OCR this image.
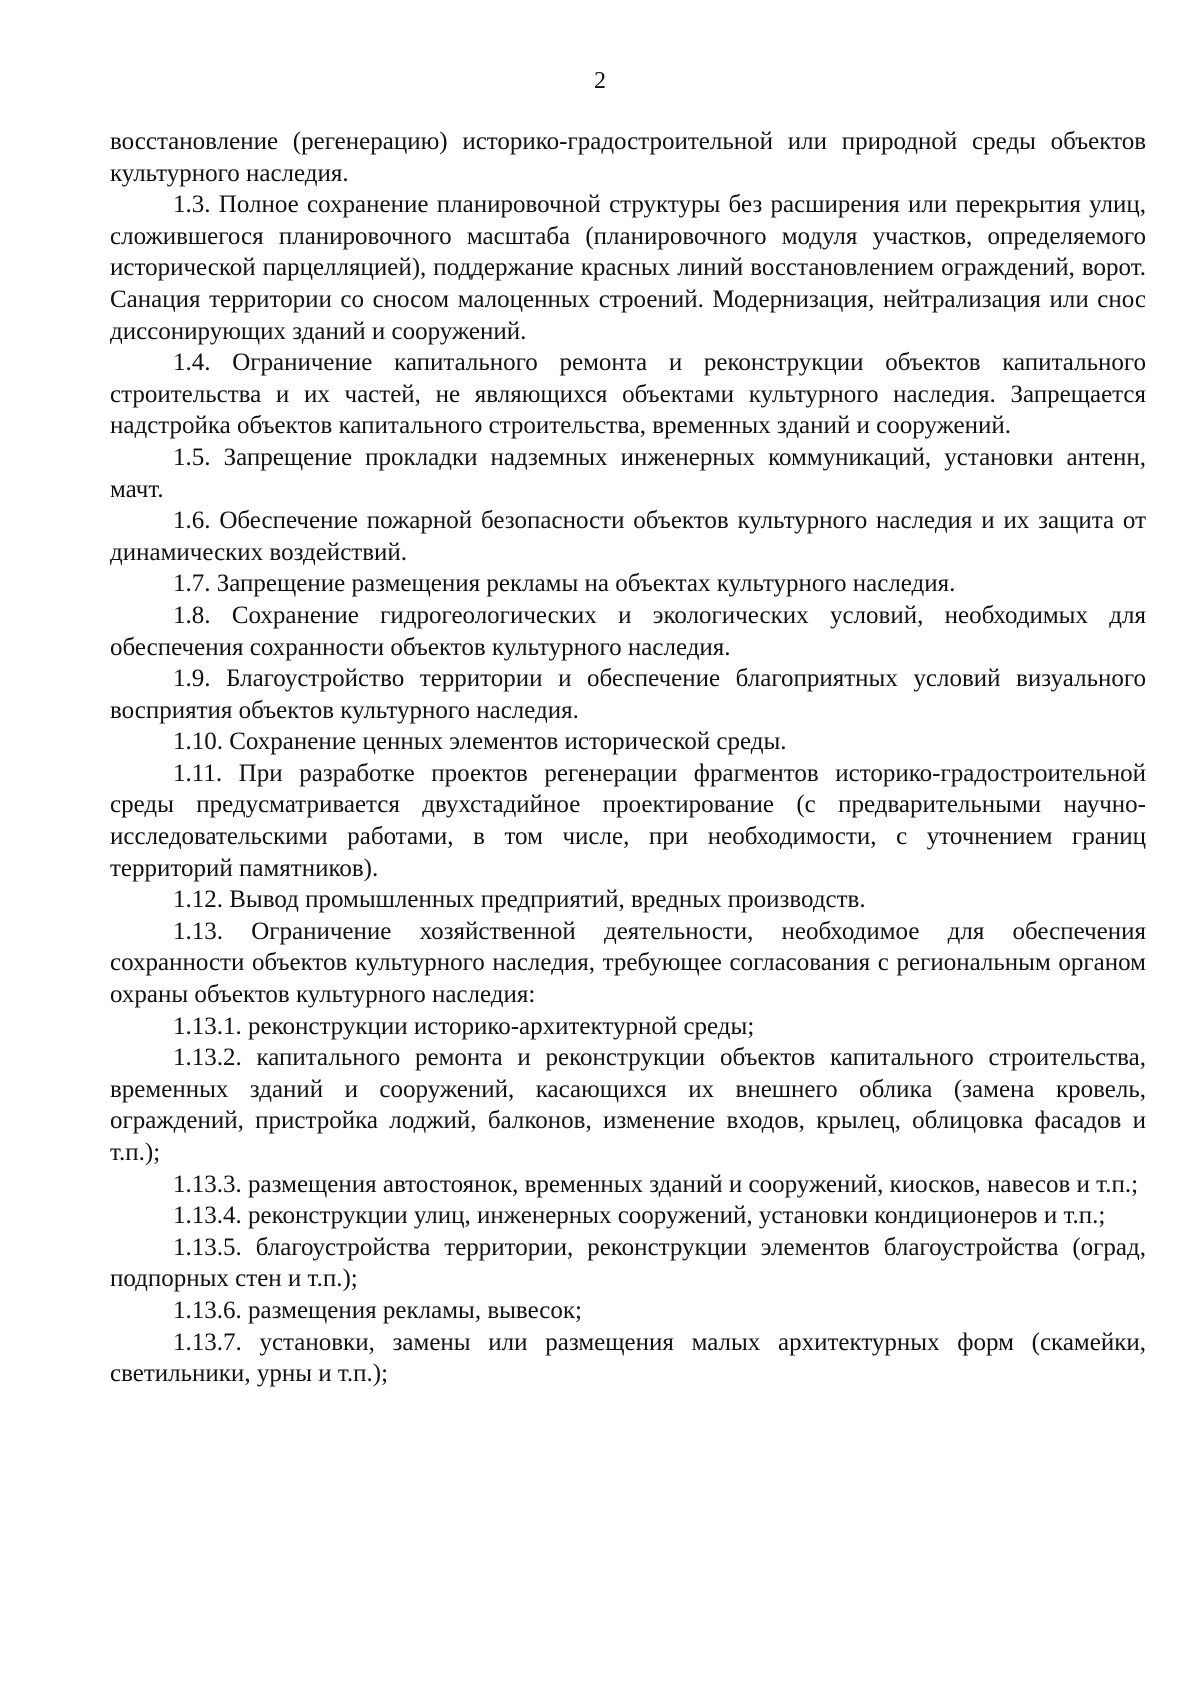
2

восстановление (регенерацию) историко-градостроительной или природной среды объектов культурного наследия.

1.3. Полное сохранение планировочной структуры без расширения или перекрытия улиц, сложившегося планировочного масштаба (планировочного модуля участков, определяемого исторической парцелляцией), поддержание красных линий восстановлением ограждений, ворот. Санация территории со сносом малоценных строений. Модернизация, нейтрализация или снос диссонирующих зданий и сооружений.

1.4. Ограничение капитального ремонта и реконструкции объектов капитального строительства и их частей, не являющихся объектами культурного наследия. Запрещается надстройка объектов капитального строительства, временных зданий и сооружений.

1.5. Запрещение прокладки надземных инженерных коммуникаций, установки антенн, мачт.

1.6. Обеспечение пожарной безопасности объектов культурного наследия и их защита от динамических воздействий.

1.7. Запрещение размещения рекламы на объектах культурного наследия.

1.8. Сохранение гидрогеологических и экологических условий, необходимых для обеспечения сохранности объектов культурного наследия.

1.9. Благоустройство территории и обеспечение благоприятных условий визуального восприятия объектов культурного наследия.

1.10. Сохранение ценных элементов исторической среды.

1.11. При разработке проектов регенерации фрагментов историко-градостроительной среды предусматривается двухстадийное проектирование (с предварительными научно-исследовательскими работами, в том числе, при необходимости, с уточнением границ территорий памятников).

1.12. Вывод промышленных предприятий, вредных производств.

1.13. Ограничение хозяйственной деятельности, необходимое для обеспечения сохранности объектов культурного наследия, требующее согласования с региональным органом охраны объектов культурного наследия:

1.13.1. реконструкции историко-архитектурной среды;

1.13.2. капитального ремонта и реконструкции объектов капитального строительства, временных зданий и сооружений, касающихся их внешнего облика (замена кровель, ограждений, пристройка лоджий, балконов, изменение входов, крылец, облицовка фасадов и т.п.);

1.13.3. размещения автостоянок, временных зданий и сооружений, киосков, навесов и т.п.;

1.13.4. реконструкции улиц, инженерных сооружений, установки кондиционеров и т.п.;

1.13.5. благоустройства территории, реконструкции элементов благоустройства (оград, подпорных стен и т.п.);

1.13.6. размещения рекламы, вывесок;

1.13.7. установки, замены или размещения малых архитектурных форм (скамейки, светильники, урны и т.п.);
